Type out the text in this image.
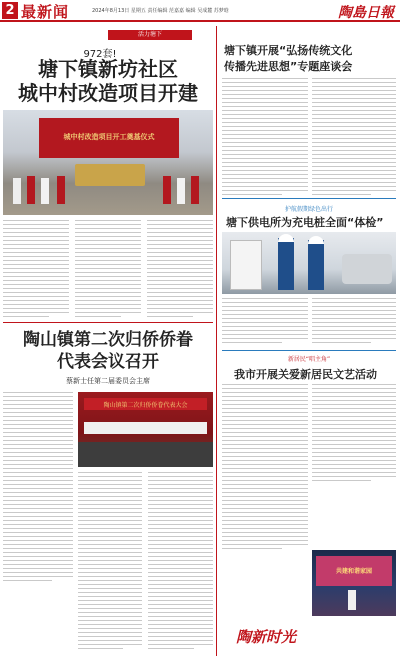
2 最新闻	2024年8月13日 星期五 责任编辑 范嘉嘉 编辑 吴成麓 苏梦晗	陶島日報
活力塘下
972套!
塘下镇新坊社区
城中村改造项目开建
城中村改造项目开工奠基仪式
陶山镇第二次归侨侨眷
代表会议召开
蔡新士任第二届委员会主席
陶山镇第二次归侨侨眷代表大会
塘下镇开展“弘扬传统文化
传播先进思想”专题座谈会
护航假期绿色出行
塘下供电所为充电桩全面“体检”
新居民“唱主角”
我市开展关爱新居民文艺活动
共建和谐家园
陶新时光
